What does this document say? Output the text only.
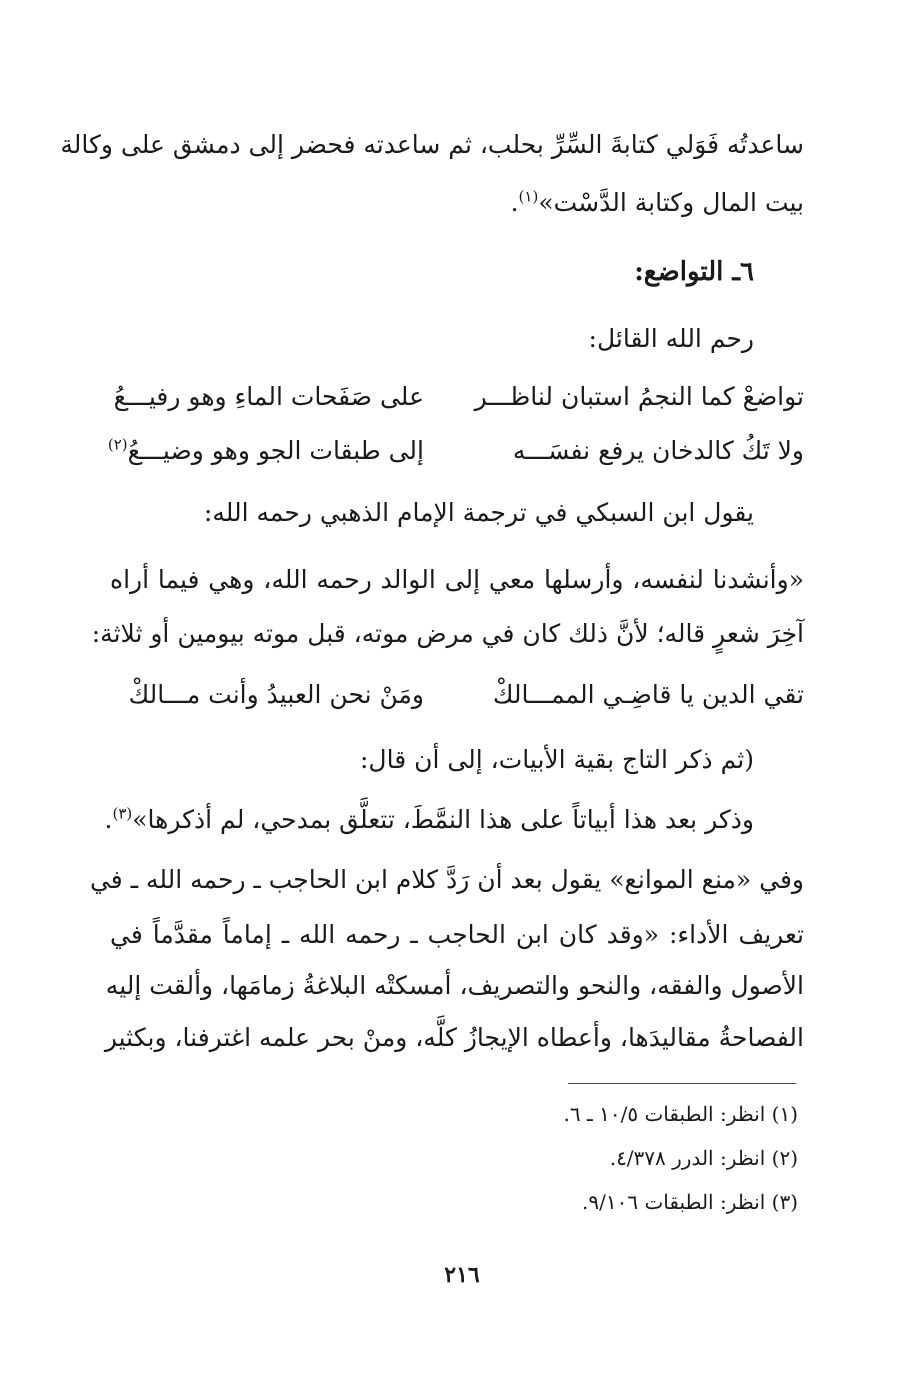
ساعدتُه فَوَلي كتابةَ السِّرِّ بحلب، ثم ساعدته فحضر إلى دمشق على وكالة
بيت المال وكتابة الدَّسْت»$^{(١)}$.
٦ـ التواضع:
رحم الله القائل:
تواضعْ كما النجمُ استبان لناظـــر
على صَفَحات الماءِ وهو رفيـــعُ
ولا تَكُ كالدخان يرفع نفسَـــه
إلى طبقات الجو وهو وضيـــعُ$^{(٢)}$
يقول ابن السبكي في ترجمة الإمام الذهبي رحمه الله:
«وأنشدنا لنفسه، وأرسلها معي إلى الوالد رحمه الله، وهي فيما أراه
آخِرَ شعرٍ قاله؛ لأنَّ ذلك كان في مرض موته، قبل موته بيومين أو ثلاثة:
تقي الدين يا قاضِـي الممـــالكْ
ومَنْ نحن العبيدُ وأنت مـــالكْ
(ثم ذكر التاج بقية الأبيات، إلى أن قال:
وذكر بعد هذا أبياتاً على هذا النمَّطَ، تتعلَّق بمدحي، لم أذكرها»$^{(٣)}$.
وفي «منع الموانع» يقول بعد أن رَدَّ كلام ابن الحاجب ـ رحمه الله ـ في
تعريف الأداء: «وقد كان ابن الحاجب ـ رحمه الله ـ إماماً مقدَّماً في
الأصول والفقه، والنحو والتصريف، أمسكتْه البلاغةُ زمامَها، وألقت إليه
الفصاحةُ مقاليدَها، وأعطاه الإيجازُ كلَّه، ومنْ بحر علمه اغترفنا، وبكثير
(١) انظر: الطبقات ١٠/٥ ـ ٦.
(٢) انظر: الدرر ٤/٣٧٨.
(٣) انظر: الطبقات ٩/١٠٦.
٢١٦
